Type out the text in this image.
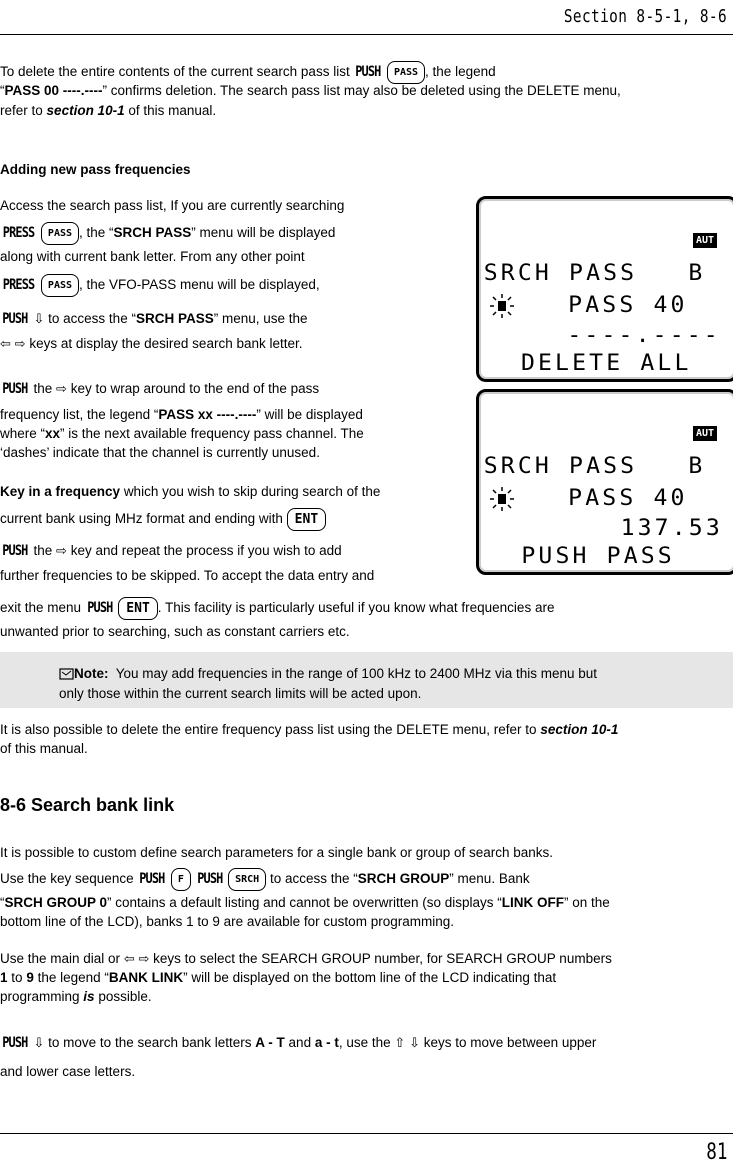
Section 8-5-1, 8-6
To delete the entire contents of the current search pass list PUSH PASS , the legend
“PASS 00 ----.----” confirms deletion. The search pass list may also be deleted using the DELETE menu,
refer to section 10-1 of this manual.
Adding new pass frequencies
Access the search pass list, If you are currently searching
PRESS PASS , the “SRCH PASS” menu will be displayed
along with current bank letter. From any other point
PRESS PASS , the VFO-PASS menu will be displayed,
PUSH ⇩ to access the “SRCH PASS” menu, use the
⇦ ⇨ keys at display the desired search bank letter.
PUSH the ⇨ key to wrap around to the end of the pass
frequency list, the legend “PASS xx ----.----” will be displayed
where “xx” is the next available frequency pass channel. The
‘dashes’ indicate that the channel is currently unused.
Key in a frequency which you wish to skip during search of the
current bank using MHz format and ending with ENT
PUSH the ⇨ key and repeat the process if you wish to add
further frequencies to be skipped. To accept the data entry and
exit the menu PUSH ENT . This facility is particularly useful if you know what frequencies are
unwanted prior to searching, such as constant carriers etc.
Note: You may add frequencies in the range of 100 kHz to 2400 MHz via this menu but
only those within the current search limits will be acted upon.
It is also possible to delete the entire frequency pass list using the DELETE menu, refer to section 10-1
of this manual.
8-6 Search bank link
It is possible to custom define search parameters for a single bank or group of search banks.
Use the key sequence PUSH F PUSH SRCH to access the “SRCH GROUP” menu. Bank
“SRCH GROUP 0” contains a default listing and cannot be overwritten (so displays “LINK OFF” on the
bottom line of the LCD), banks 1 to 9 are available for custom programming.
Use the main dial or ⇦ ⇨ keys to select the SEARCH GROUP number, for SEARCH GROUP numbers
1 to 9 the legend “BANK LINK” will be displayed on the bottom line of the LCD indicating that
programming is possible.
PUSH ⇩ to move to the search bank letters A - T and a - t, use the ⇧ ⇩ keys to move between upper
and lower case letters.
AUT
SRCH PASS   B
PASS 40
----.----
DELETE ALL
AUT
SRCH PASS   B
PASS 40
137.53
PUSH PASS
81
